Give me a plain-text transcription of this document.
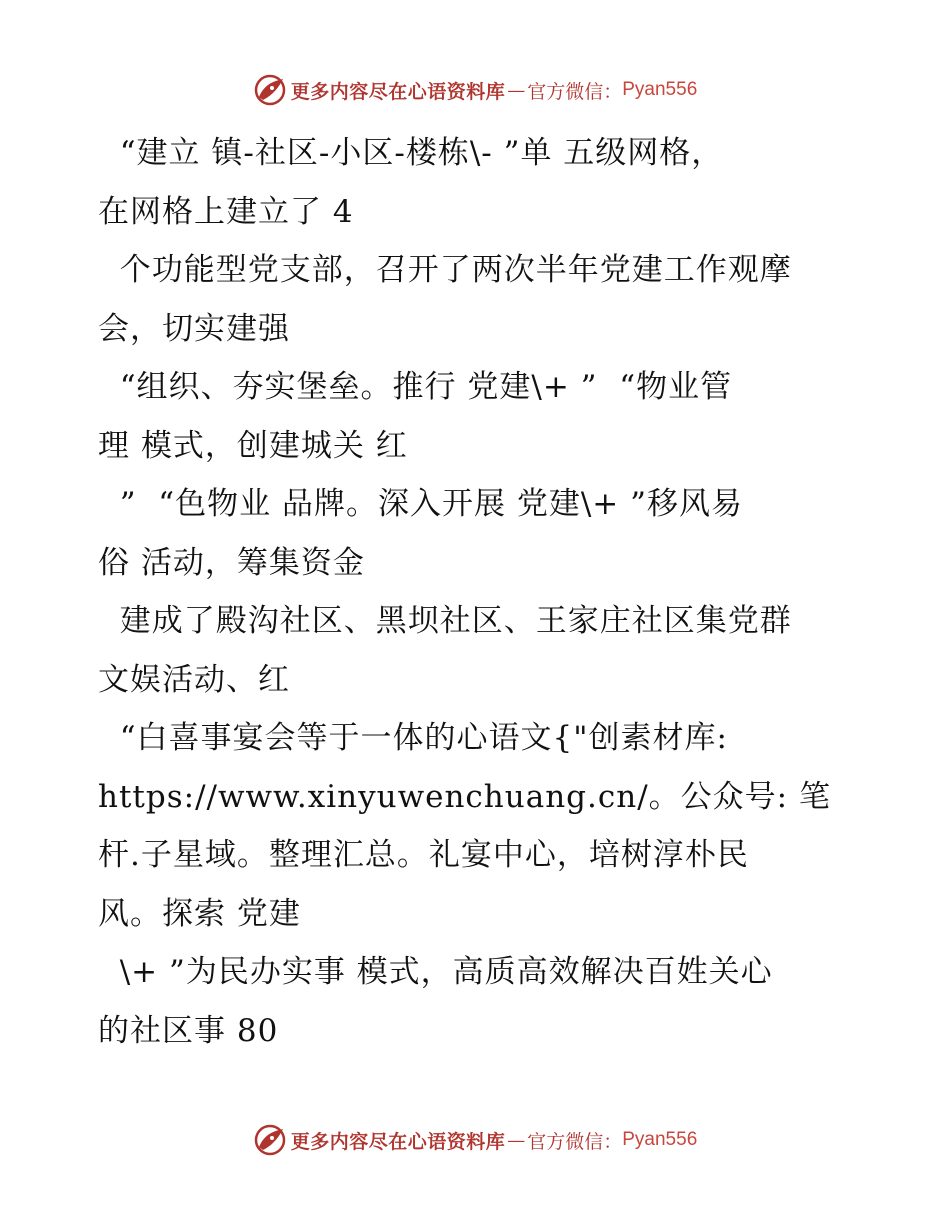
更多内容尽在心语资料库 — 官方微信： Pyan556
“建立 镇-社区-小区-楼栋\- ”单 五级网格，
在网格上建立了 4
个功能型党支部，召开了两次半年党建工作观摩
会，切实建强
“组织、夯实堡垒。推行 党建\+ ”  “物业管
理 模式，创建城关 红
”  “色物业 品牌。深入开展 党建\+ ”移风易
俗 活动，筹集资金
建成了殿沟社区、黑坝社区、王家庄社区集党群
文娱活动、红
“白喜事宴会等于一体的心语文{"创素材库:
https://www.xinyuwenchuang.cn/。公众号: 笔
杆.子星域。整理汇总。礼宴中心，培树淳朴民
风。探索 党建
\+ ”为民办实事 模式，高质高效解决百姓关心
的社区事 80
更多内容尽在心语资料库 — 官方微信： Pyan556
